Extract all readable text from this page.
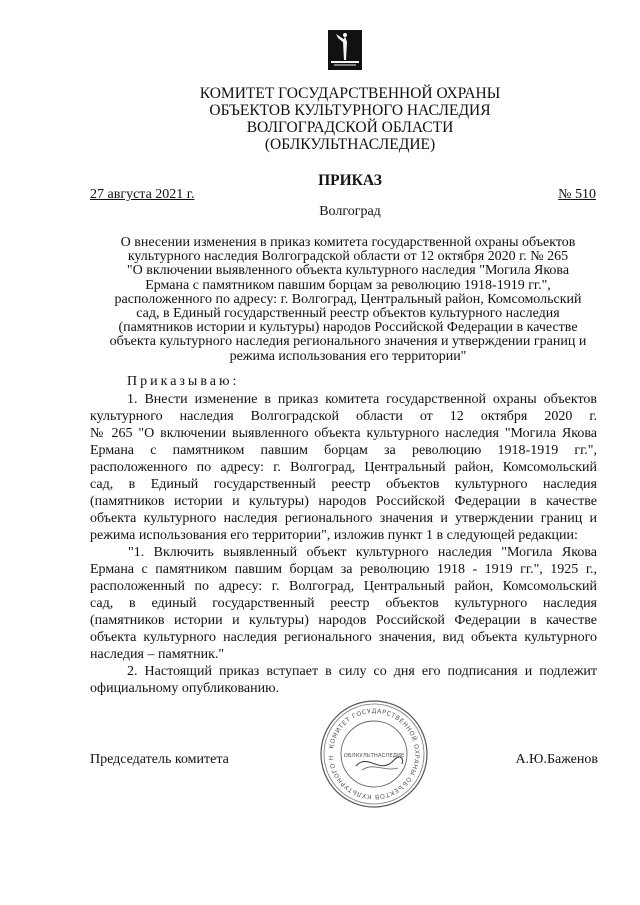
КОМИТЕТ ГОСУДАРСТВЕННОЙ ОХРАНЫ
ОБЪЕКТОВ КУЛЬТУРНОГО НАСЛЕДИЯ
ВОЛГОГРАДСКОЙ ОБЛАСТИ
(ОБЛКУЛЬТНАСЛЕДИЕ)
ПРИКАЗ
27 августа 2021 г.	№ 510
Волгоград
О внесении изменения в приказ комитета государственной охраны объектов
культурного наследия Волгоградской области от 12 октября 2020 г. № 265
"О включении выявленного объекта культурного наследия "Могила Якова
Ермана с памятником павшим борцам за революцию 1918-1919 гг.",
расположенного по адресу: г. Волгоград, Центральный район, Комсомольский
сад, в Единый государственный реестр объектов культурного наследия
(памятников истории и культуры) народов Российской Федерации в качестве
объекта культурного наследия регионального значения и утверждении границ и
режима использования его территории"
Приказываю:
1. Внести изменение в приказ комитета государственной охраны объектов
культурного наследия Волгоградской области от 12 октября 2020 г.
№ 265 "О включении выявленного объекта культурного наследия "Могила Якова
Ермана с памятником павшим борцам за революцию 1918-1919 гг.",
расположенного по адресу: г. Волгоград, Центральный район, Комсомольский
сад, в Единый государственный реестр объектов культурного наследия
(памятников истории и культуры) народов Российской Федерации в качестве
объекта культурного наследия регионального значения и утверждении границ и
режима использования его территории", изложив пункт 1 в следующей редакции:
"1. Включить выявленный объект культурного наследия "Могила Якова
Ермана с памятником павшим борцам за революцию 1918 - 1919 гг.", 1925 г.,
расположенный по адресу: г. Волгоград, Центральный район, Комсомольский
сад, в единый государственный реестр объектов культурного наследия
(памятников истории и культуры) народов Российской Федерации в качестве
объекта культурного наследия регионального значения, вид объекта культурного
наследия – памятник."
2. Настоящий приказ вступает в силу со дня его подписания и подлежит
официальному опубликованию.
КОМИТЕТ ГОСУДАРСТВЕННОЙ ОХРАНЫ ОБЪЕКТОВ КУЛЬТУРНОГО Н	ОБЛКУЛЬТНАСЛЕДИЕ
Председатель комитета	А.Ю.Баженов
